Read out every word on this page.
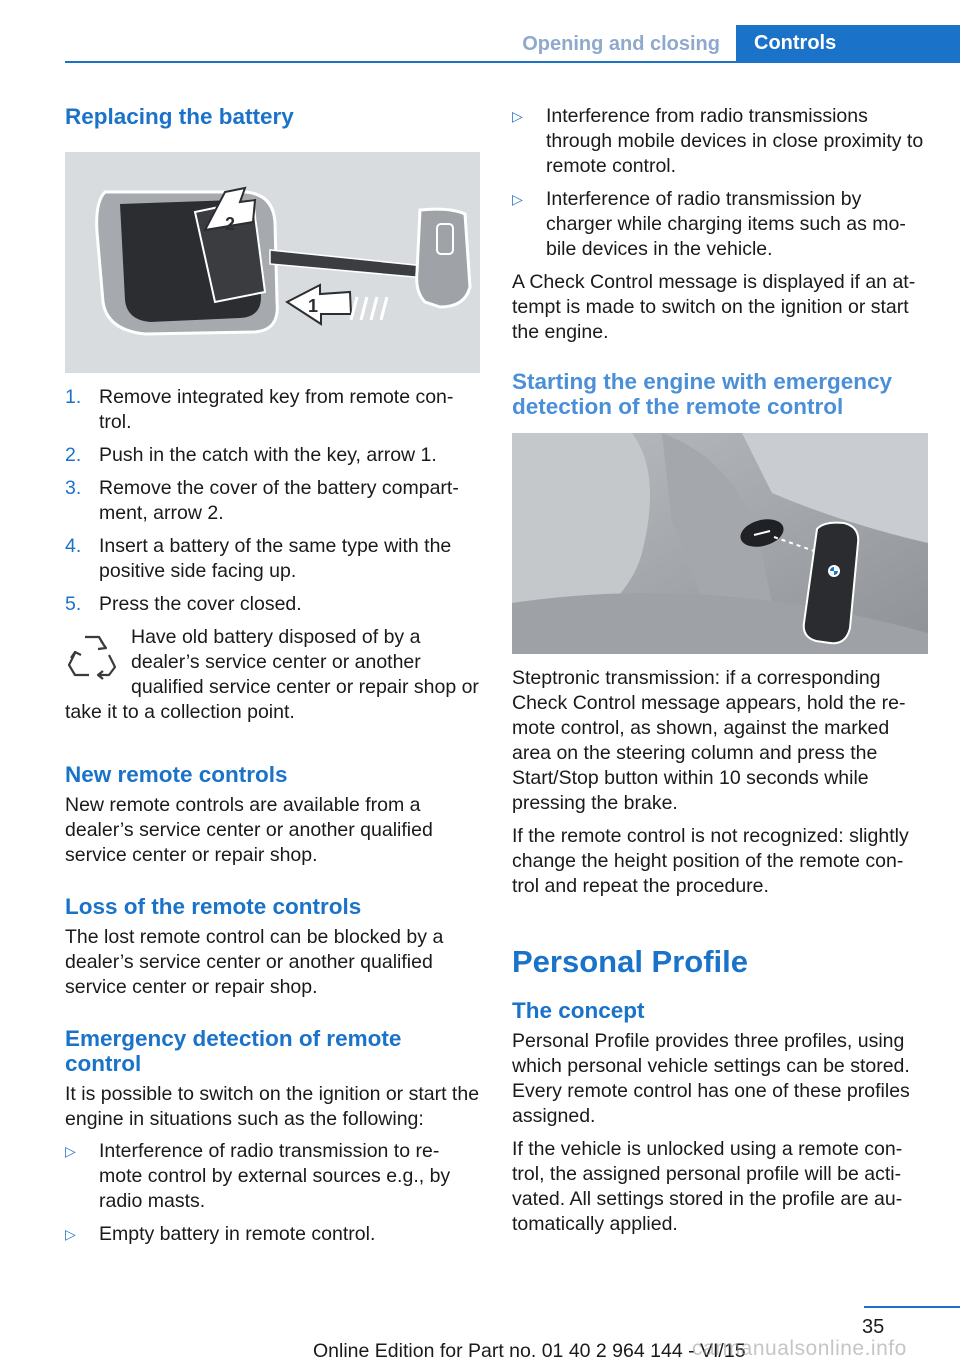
Opening and closing	Controls
Replacing the battery
2
1
1. Remove integrated key from remote con‐ trol.
2. Push in the catch with the key, arrow 1.
3. Remove the cover of the battery compart‐ ment, arrow 2.
4. Insert a battery of the same type with the positive side facing up.
5. Press the cover closed.

Have old battery disposed of by a dealer’s service center or another qualified service center or repair shop or take it to a collection point.

New remote controls

New remote controls are available from a dealer’s service center or another qualified service center or repair shop.

Loss of the remote controls

The lost remote control can be blocked by a dealer’s service center or another qualified service center or repair shop.

Emergency detection of remote control

It is possible to switch on the ignition or start the engine in situations such as the following:

▷ Interference of radio transmission to re‐ mote control by external sources e.g., by radio masts.
▷ Empty battery in remote control.
▷ Interference from radio transmissions through mobile devices in close proximity to remote control.
▷ Interference of radio transmission by charger while charging items such as mo‐ bile devices in the vehicle.

A Check Control message is displayed if an at‐ tempt is made to switch on the ignition or start the engine.

Starting the engine with emergency detection of the remote control

Steptronic transmission: if a corresponding Check Control message appears, hold the re‐ mote control, as shown, against the marked area on the steering column and press the Start/Stop button within 10 seconds while pressing the brake.

If the remote control is not recognized: slightly change the height position of the remote con‐ trol and repeat the procedure.

Personal Profile
The concept

Personal Profile provides three profiles, using which personal vehicle settings can be stored. Every remote control has one of these profiles assigned.

If the vehicle is unlocked using a remote con‐ trol, the assigned personal profile will be acti‐ vated. All settings stored in the profile are au‐ tomatically applied.

35
Online Edition for Part no. 01 40 2 964 144 - VI/15
carmanualsonline.info
